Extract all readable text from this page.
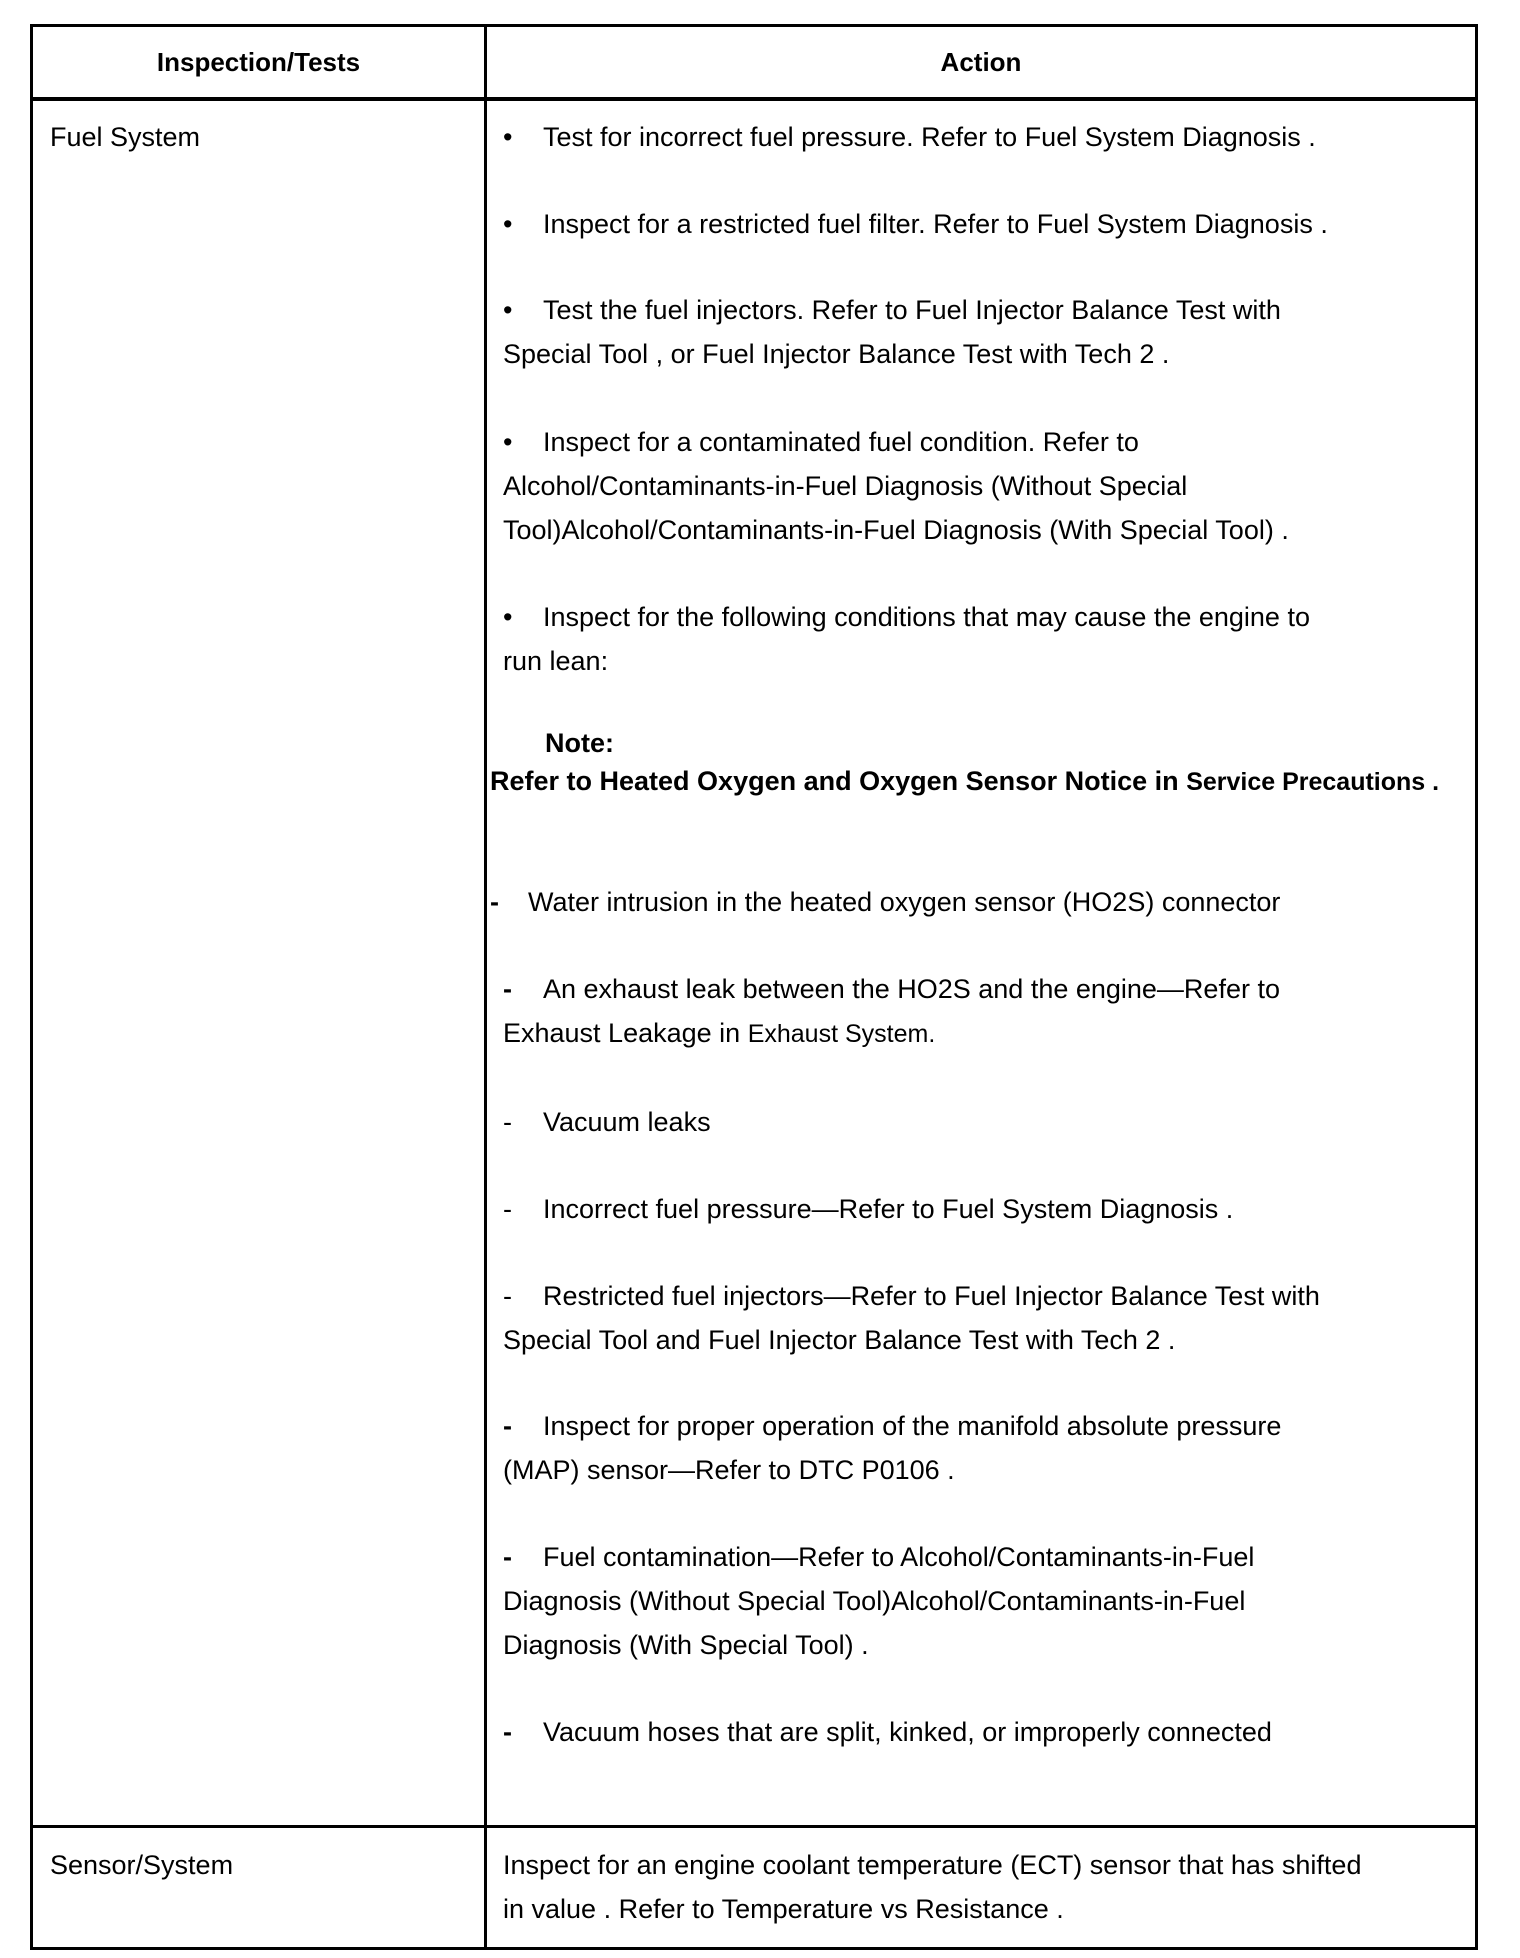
Inspection/Tests	Action
Fuel System	• Test for incorrect fuel pressure. Refer to Fuel System Diagnosis .
• Inspect for a restricted fuel filter. Refer to Fuel System Diagnosis .
• Test the fuel injectors. Refer to Fuel Injector Balance Test with
Special Tool , or Fuel Injector Balance Test with Tech 2 .
• Inspect for a contaminated fuel condition. Refer to
Alcohol/Contaminants-in-Fuel Diagnosis (Without Special
Tool)Alcohol/Contaminants-in-Fuel Diagnosis (With Special Tool) .
• Inspect for the following conditions that may cause the engine to
run lean:
Note:
Refer to Heated Oxygen and Oxygen Sensor Notice in Service Precautions .
- Water intrusion in the heated oxygen sensor (HO2S) connector
- An exhaust leak between the HO2S and the engine—Refer to
Exhaust Leakage in Exhaust System.
- Vacuum leaks
- Incorrect fuel pressure—Refer to Fuel System Diagnosis .
- Restricted fuel injectors—Refer to Fuel Injector Balance Test with
Special Tool and Fuel Injector Balance Test with Tech 2 .
- Inspect for proper operation of the manifold absolute pressure
(MAP) sensor—Refer to DTC P0106 .
- Fuel contamination—Refer to Alcohol/Contaminants-in-Fuel
Diagnosis (Without Special Tool)Alcohol/Contaminants-in-Fuel
Diagnosis (With Special Tool) .
- Vacuum hoses that are split, kinked, or improperly connected
Sensor/System	Inspect for an engine coolant temperature (ECT) sensor that has shifted
in value . Refer to Temperature vs Resistance .
